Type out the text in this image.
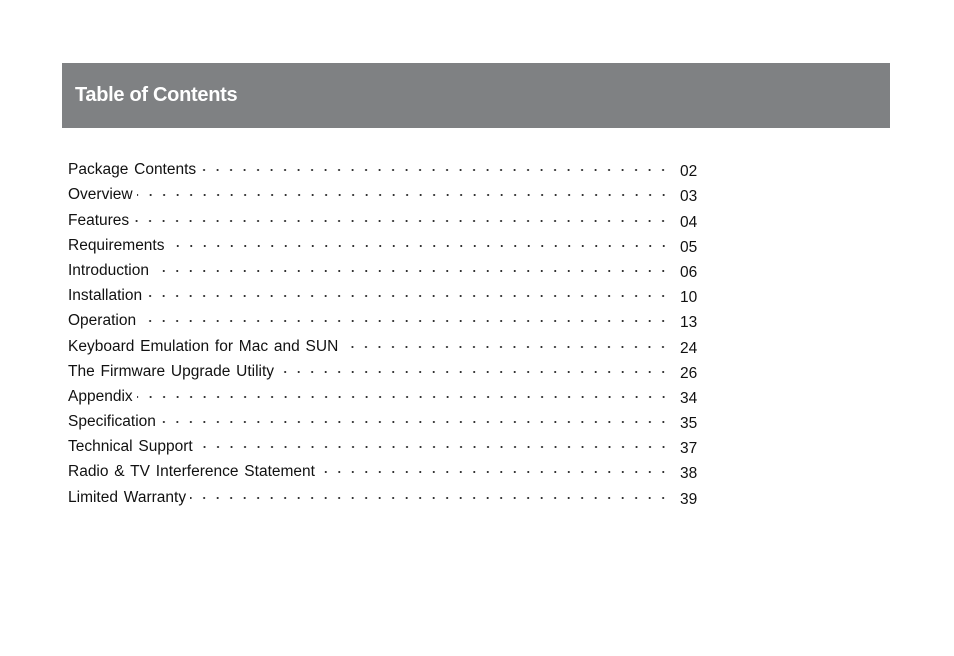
Table of Contents
Package Contents	02
Overview	03
Features	04
Requirements	05
Introduction	06
Installation	10
Operation	13
Keyboard Emulation for Mac and SUN	24
The Firmware Upgrade Utility	26
Appendix	34
Specification	35
Technical Support	37
Radio & TV Interference Statement	38
Limited Warranty	39
